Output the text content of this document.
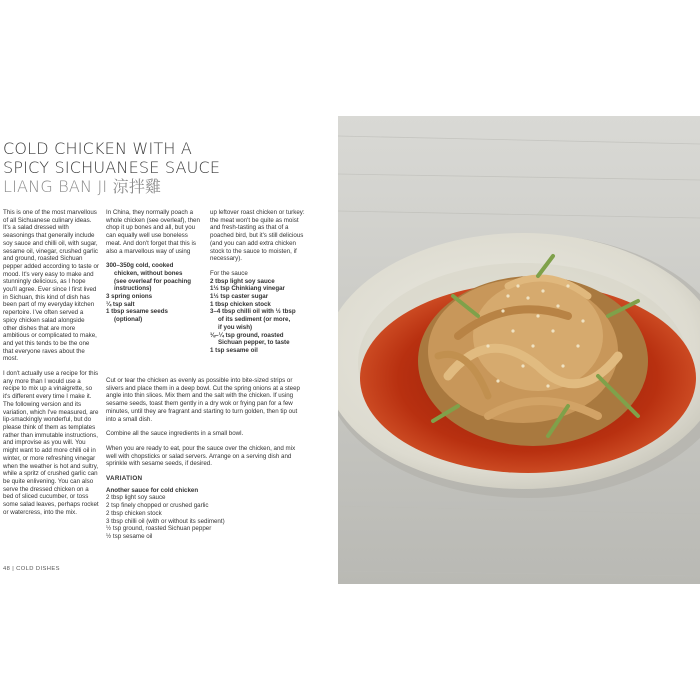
COLD CHICKEN WITH A
SPICY SICHUANESE SAUCE
LIANG BAN JI 涼拌雞

This is one of the most marvellous of all Sichuanese culinary ideas. It's a salad dressed with seasonings that generally include soy sauce and chilli oil, with sugar, sesame oil, vinegar, crushed garlic and ground, roasted Sichuan pepper added according to taste or mood. It's very easy to make and stunningly delicious, as I hope you'll agree. Ever since I first lived in Sichuan, this kind of dish has been part of my everyday kitchen repertoire. I've often served a spicy chicken salad alongside other dishes that are more ambitious or complicated to make, and yet this tends to be the one that everyone raves about the most.

I don't actually use a recipe for this any more than I would use a recipe to mix up a vinaigrette, so it's different every time I make it. The following version and its variation, which I've measured, are lip-smackingly wonderful, but do please think of them as templates rather than immutable instructions, and improvise as you will. You might want to add more chilli oil in winter, or more refreshing vinegar when the weather is hot and sultry, while a spritz of crushed garlic can be quite enlivening. You can also serve the dressed chicken on a bed of sliced cucumber, or toss some salad leaves, perhaps rocket or watercress, into the mix.

In China, they normally poach a whole chicken (see overleaf), then chop it up bones and all, but you can equally well use boneless meat. And don't forget that this is also a marvellous way of using

300–350g cold, cooked
chicken, without bones
(see overleaf for poaching
instructions)
3 spring onions
¼ tsp salt
1 tbsp sesame seeds
(optional)

up leftover roast chicken or turkey: the meat won't be quite as moist and fresh-tasting as that of a poached bird, but it's still delicious (and you can add extra chicken stock to the sauce to moisten, if necessary).

For the sauce
2 tbsp light soy sauce
1½ tsp Chinkiang vinegar
1½ tsp caster sugar
1 tbsp chicken stock
3–4 tbsp chilli oil with ½ tbsp
of its sediment (or more,
if you wish)
⅛–¼ tsp ground, roasted
Sichuan pepper, to taste
1 tsp sesame oil

Cut or tear the chicken as evenly as possible into bite-sized strips or slivers and place them in a deep bowl. Cut the spring onions at a steep angle into thin slices. Mix them and the salt with the chicken. If using sesame seeds, toast them gently in a dry wok or frying pan for a few minutes, until they are fragrant and starting to turn golden, then tip out into a small dish.

Combine all the sauce ingredients in a small bowl.

When you are ready to eat, pour the sauce over the chicken, and mix well with chopsticks or salad servers. Arrange on a serving dish and sprinkle with sesame seeds, if desired.

VARIATION
Another sauce for cold chicken
2 tbsp light soy sauce
2 tsp finely chopped or crushed garlic
2 tbsp chicken stock
3 tbsp chilli oil (with or without its sediment)
½ tsp ground, roasted Sichuan pepper
½ tsp sesame oil
48 | COLD DISHES
